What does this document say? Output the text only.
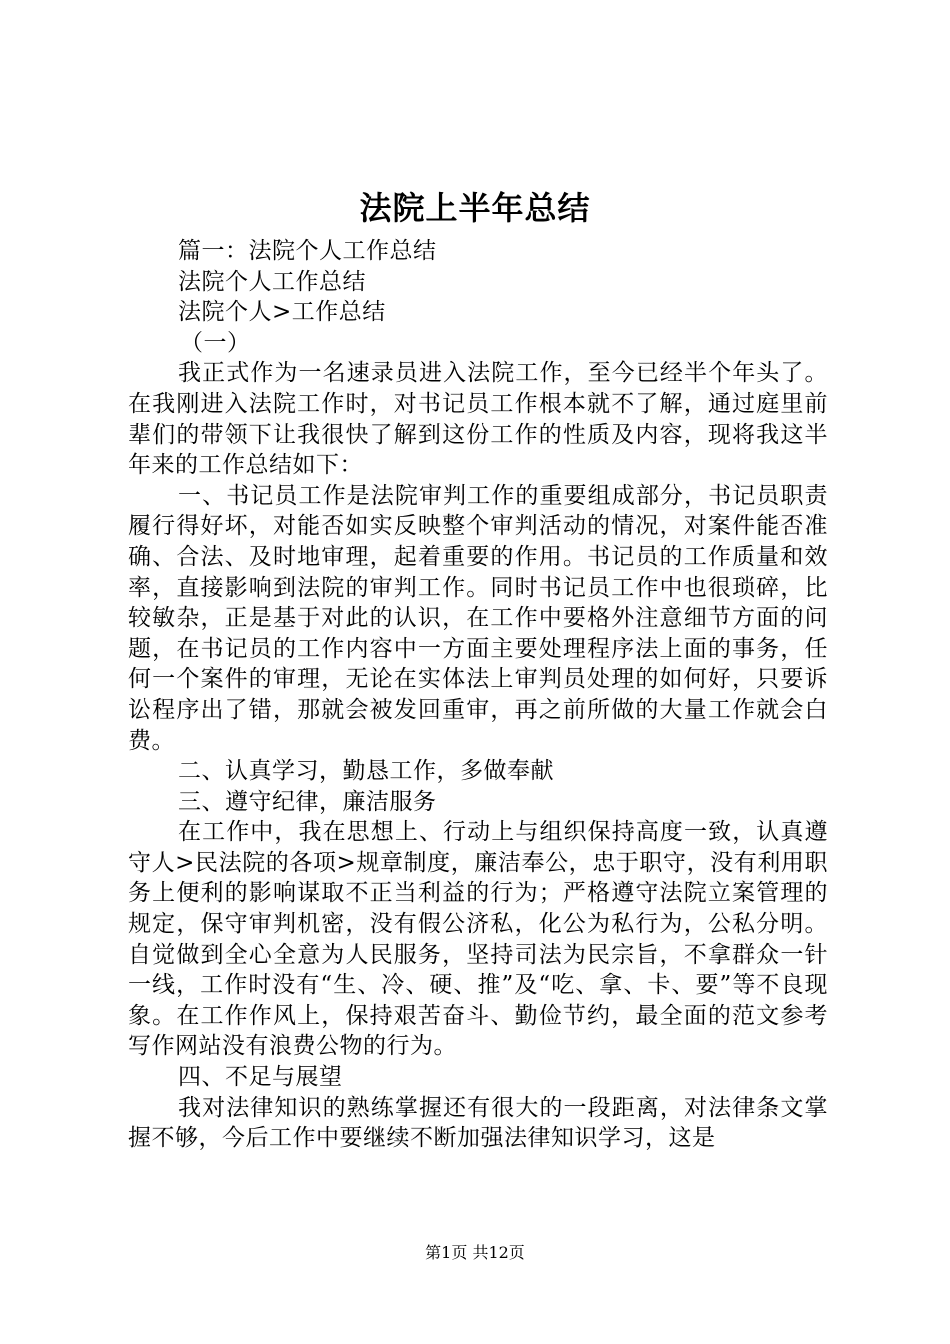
法院上半年总结

篇一：法院个人工作总结

法院个人工作总结

法院个人>工作总结

（一）

我正式作为一名速录员进入法院工作，至今已经半个年头了。在我刚进入法院工作时，对书记员工作根本就不了解，通过庭里前辈们的带领下让我很快了解到这份工作的性质及内容，现将我这半年来的工作总结如下：

一、书记员工作是法院审判工作的重要组成部分，书记员职责履行得好坏，对能否如实反映整个审判活动的情况，对案件能否准确、合法、及时地审理，起着重要的作用。书记员的工作质量和效率，直接影响到法院的审判工作。同时书记员工作中也很琐碎，比较敏杂，正是基于对此的认识，在工作中要格外注意细节方面的问题，在书记员的工作内容中一方面主要处理程序法上面的事务，任何一个案件的审理，无论在实体法上审判员处理的如何好，只要诉讼程序出了错，那就会被发回重审，再之前所做的大量工作就会白费。

二、认真学习，勤恳工作，多做奉献

三、遵守纪律，廉洁服务

在工作中，我在思想上、行动上与组织保持高度一致，认真遵守人>民法院的各项>规章制度，廉洁奉公，忠于职守，没有利用职务上便利的影响谋取不正当利益的行为；严格遵守法院立案管理的规定，保守审判机密，没有假公济私，化公为私行为，公私分明。自觉做到全心全意为人民服务，坚持司法为民宗旨，不拿群众一针一线，工作时没有“生、冷、硬、推”及“吃、拿、卡、要”等不良现象。在工作作风上，保持艰苦奋斗、勤俭节约，最全面的范文参考写作网站没有浪费公物的行为。

四、不足与展望

我对法律知识的熟练掌握还有很大的一段距离，对法律条文掌握不够，今后工作中要继续不断加强法律知识学习，这是

第1页 共12页
